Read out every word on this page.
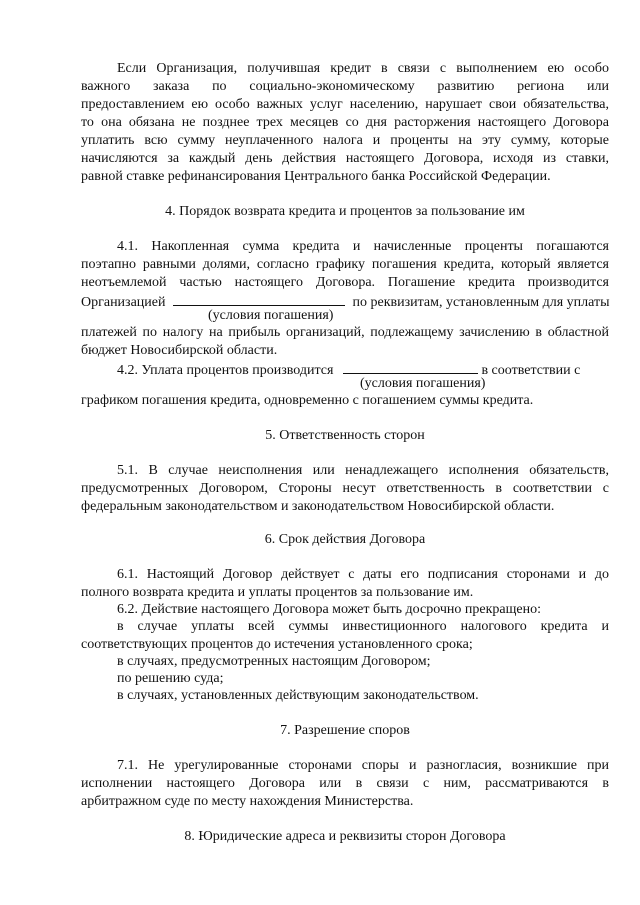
Если Организация, получившая кредит в связи с выполнением ею особо
важного заказа по социально-экономическому развитию региона или
предоставлением ею особо важных услуг населению, нарушает свои обязательства,
то она обязана не позднее трех месяцев со дня расторжения настоящего Договора
уплатить всю сумму неуплаченного налога и проценты на эту сумму, которые
начисляются за каждый день действия настоящего Договора, исходя из ставки,
равной ставке рефинансирования Центрального банка Российской Федерации.
4. Порядок возврата кредита и процентов за пользование им
4.1. Накопленная сумма кредита и начисленные проценты погашаются
поэтапно равными долями, согласно графику погашения кредита, который является
неотъемлемой частью настоящего Договора. Погашение кредита производится
Организацией	по реквизитам, установленным для уплаты
(условия погашения)
платежей по налогу на прибыль организаций, подлежащему зачислению в областной
бюджет Новосибирской области.
4.2. Уплата процентов производится	в соответствии с
(условия погашения)
графиком погашения кредита, одновременно с погашением суммы кредита.
5. Ответственность сторон
5.1. В случае неисполнения или ненадлежащего исполнения обязательств,
предусмотренных Договором, Стороны несут ответственность в соответствии с
федеральным законодательством и законодательством Новосибирской области.
6. Срок действия Договора
6.1. Настоящий Договор действует с даты его подписания сторонами и до
полного возврата кредита и уплаты процентов за пользование им.
6.2. Действие настоящего Договора может быть досрочно прекращено:
в случае уплаты всей суммы инвестиционного налогового кредита и
соответствующих процентов до истечения установленного срока;
в случаях, предусмотренных настоящим Договором;
по решению суда;
в случаях, установленных действующим законодательством.
7. Разрешение споров
7.1. Не урегулированные сторонами споры и разногласия, возникшие при
исполнении настоящего Договора или в связи с ним, рассматриваются в
арбитражном суде по месту нахождения Министерства.
8. Юридические адреса и реквизиты сторон Договора
